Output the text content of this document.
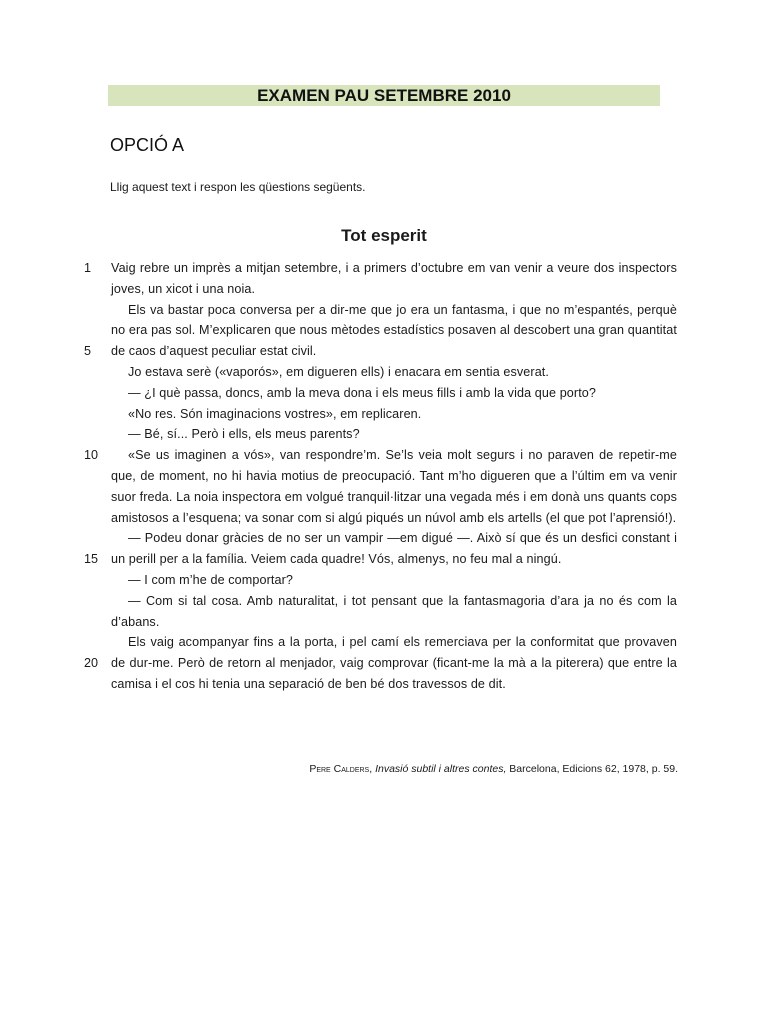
EXAMEN PAU SETEMBRE 2010
OPCIÓ A
Llig aquest text i respon les qüestions següents.
Tot esperit
1
5
10
15
20

Vaig rebre un imprès a mitjan setembre, i a primers d’octubre em van venir a veure dos inspectors joves, un xicot i una noia.

Els va bastar poca conversa per a dir-me que jo era un fantasma, i que no m’espantés, perquè no era pas sol. M’explicaren que nous mètodes estadístics posaven al descobert una gran quantitat de caos d’aquest peculiar estat civil.

Jo estava serè («vaporós», em digueren ells) i enacara em sentia esverat.

— ¿I què passa, doncs, amb la meva dona i els meus fills i amb la vida que porto?

«No res. Són imaginacions vostres», em replicaren.

— Bé, sí... Però i ells, els meus parents?

«Se us imaginen a vós», van respondre’m. Se’ls veia molt segurs i no paraven de repetir-me que, de moment, no hi havia motius de preocupació. Tant m’ho digueren que a l’últim em va venir suor freda. La noia inspectora em volgué tranquil·litzar una vegada més i em donà uns quants cops amistosos a l’esquena; va sonar com si algú piqués un núvol amb els artells (el que pot l’aprensió!).

— Podeu donar gràcies de no ser un vampir —em digué —. Això sí que és un desfici constant i un perill per a la família. Veiem cada quadre! Vós, almenys, no feu mal a ningú.

— I com m’he de comportar?

— Com si tal cosa. Amb naturalitat, i tot pensant que la fantasmagoria d’ara ja no és com la d’abans.

Els vaig acompanyar fins a la porta, i pel camí els remerciava per la conformitat que provaven de dur-me. Però de retorn al menjador, vaig comprovar (ficant-me la mà a la piterera) que entre la camisa i el cos hi tenia una separació de ben bé dos travessos de dit.

Pere Calders, Invasió subtil i altres contes, Barcelona, Edicions 62, 1978, p. 59.
